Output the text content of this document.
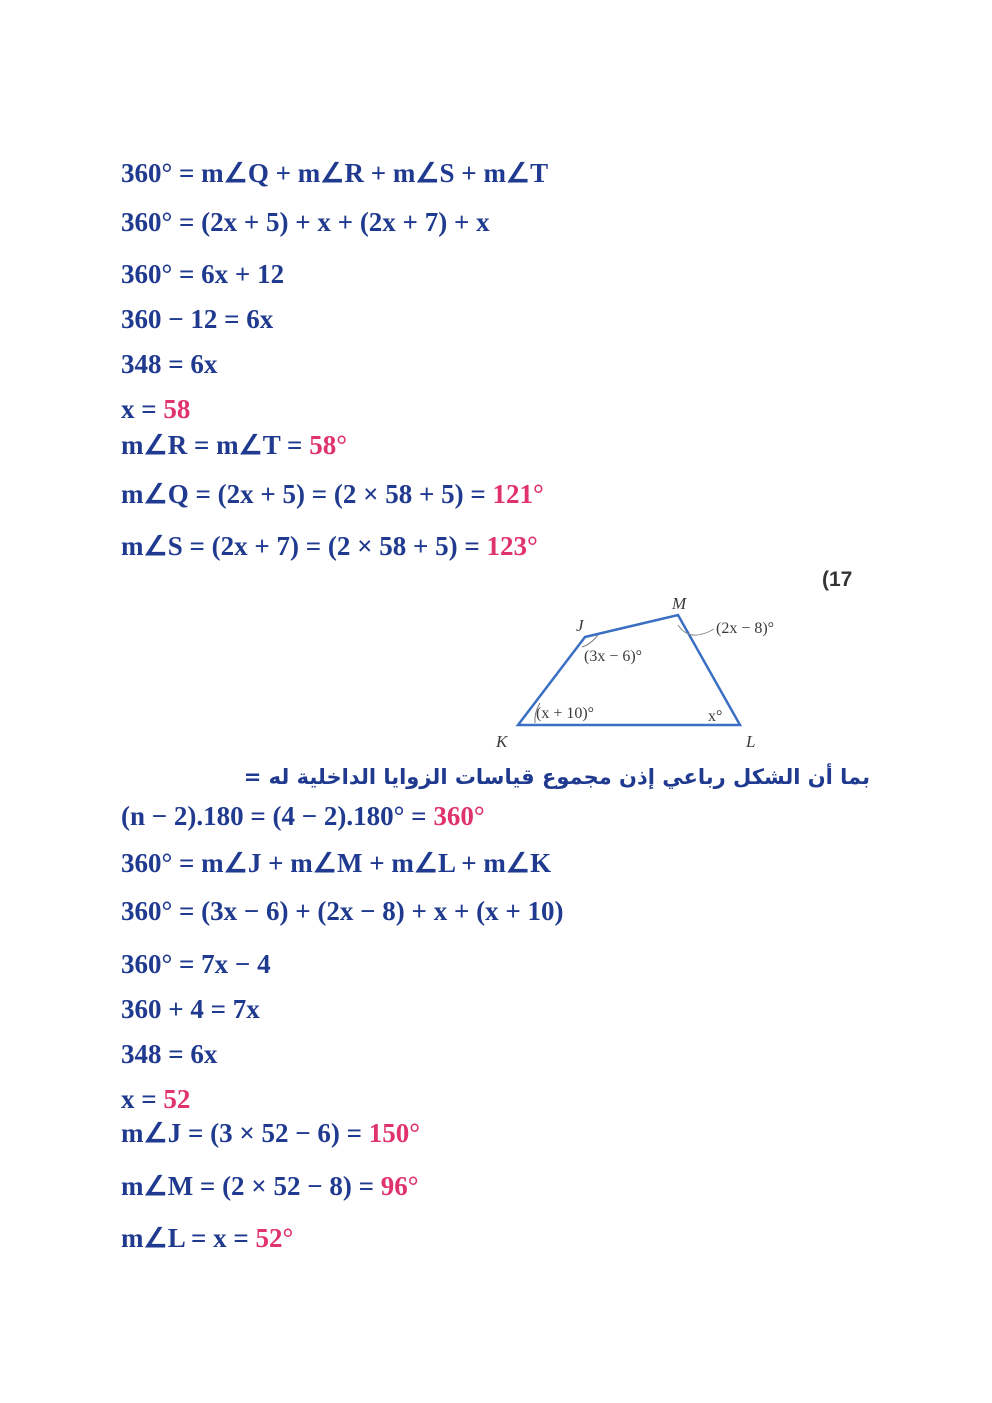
360° = m∠Q + m∠R + m∠S + m∠T
360° = (2x + 5) + x + (2x + 7) + x
360° = 6x + 12
360 − 12 = 6x
348 = 6x
x = 58
m∠R = m∠T = 58°
m∠Q = (2x + 5) = (2 × 58 + 5) = 121°
m∠S = (2x + 7) = (2 × 58 + 5) = 123°
(17
J
M
K	L
(3x − 6)°
(2x − 8)°
(x + 10)°	x°
بما أن الشكل رباعي إذن مجموع قياسات الزوايا الداخلية له =
(n − 2).180 = (4 − 2).180° = 360°
360° = m∠J + m∠M + m∠L + m∠K
360° = (3x − 6) + (2x − 8) + x + (x + 10)
360° = 7x − 4
360 + 4 = 7x
348 = 6x
x = 52
m∠J = (3 × 52 − 6) = 150°
m∠M = (2 × 52 − 8) = 96°
m∠L = x = 52°
